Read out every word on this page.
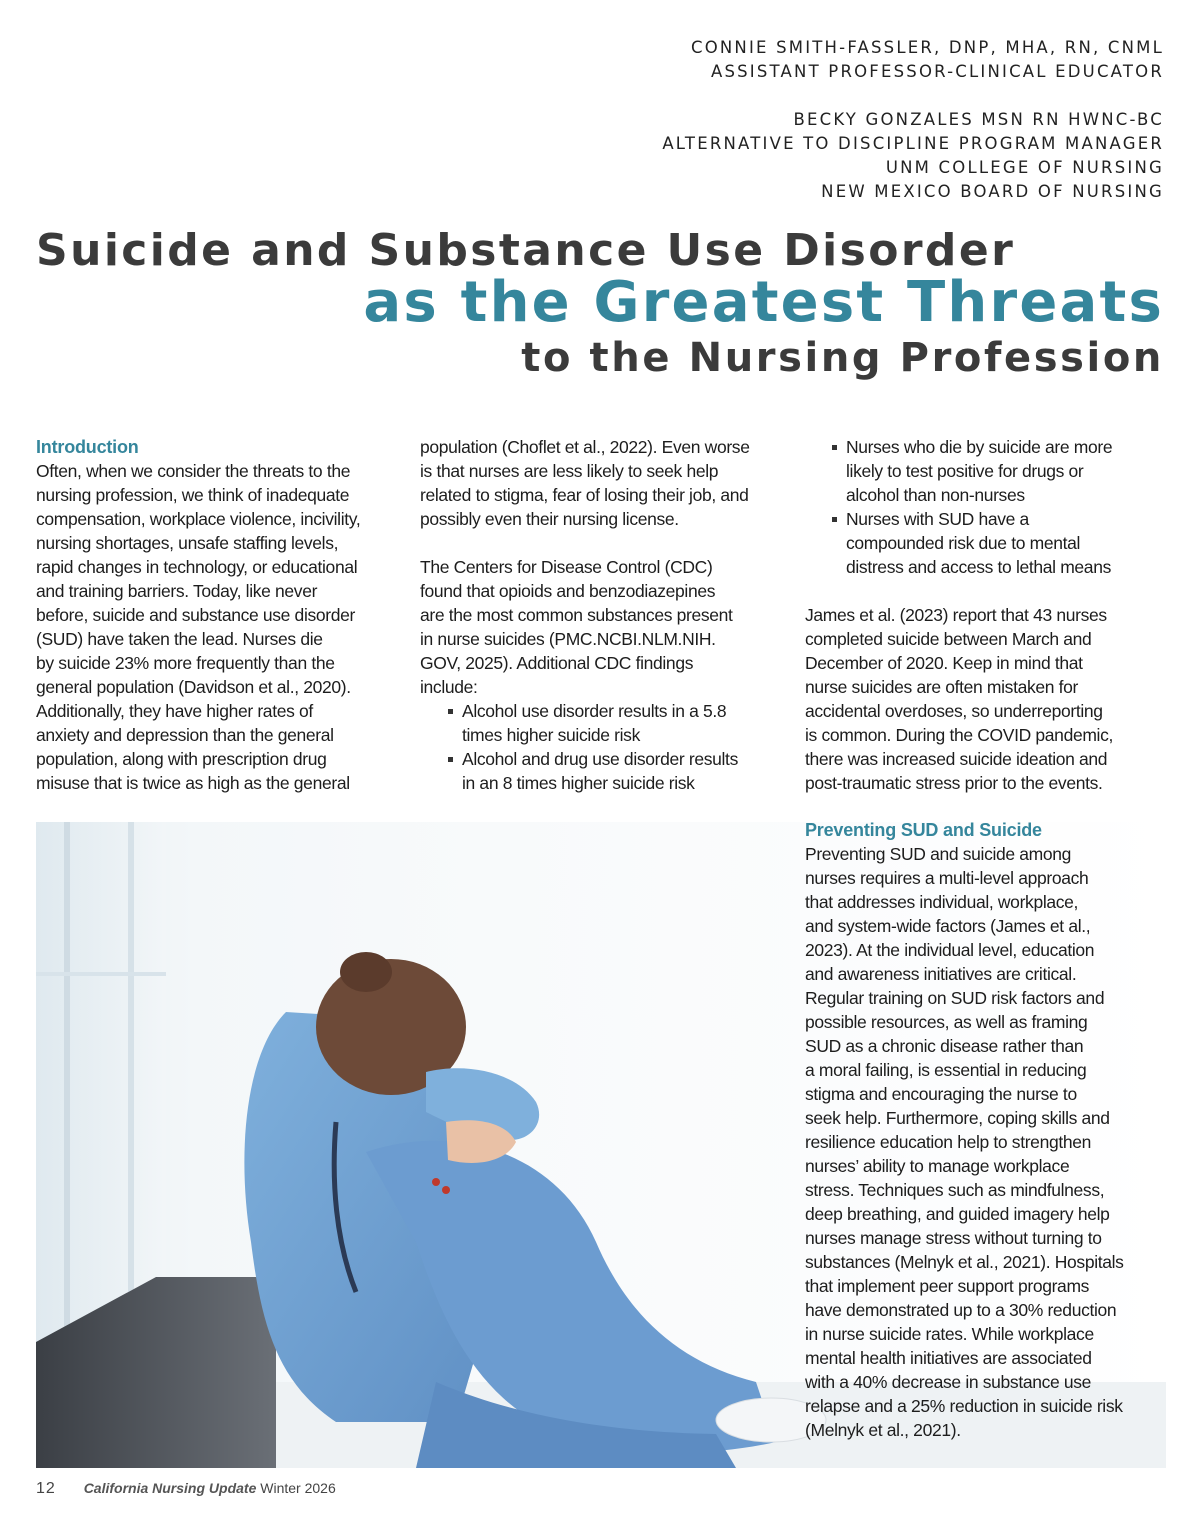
CONNIE SMITH-FASSLER, DNP, MHA, RN, CNML
ASSISTANT PROFESSOR-CLINICAL EDUCATOR
BECKY GONZALES MSN RN HWNC-BC
ALTERNATIVE TO DISCIPLINE PROGRAM MANAGER
UNM COLLEGE OF NURSING
NEW MEXICO BOARD OF NURSING
Suicide and Substance Use Disorder
as the Greatest Threats
to the Nursing Profession

Introduction

Often, when we consider the threats to the

nursing profession, we think of inadequate

compensation, workplace violence, incivility,

nursing shortages, unsafe staffing levels,

rapid changes in technology, or educational

and training barriers. Today, like never

before, suicide and substance use disorder

(SUD) have taken the lead. Nurses die

by suicide 23% more frequently than the

general population (Davidson et al., 2020).

Additionally, they have higher rates of

anxiety and depression than the general

population, along with prescription drug

misuse that is twice as high as the general

population (Choflet et al., 2022). Even worse

is that nurses are less likely to seek help

related to stigma, fear of losing their job, and

possibly even their nursing license.

The Centers for Disease Control (CDC)

found that opioids and benzodiazepines

are the most common substances present

in nurse suicides (PMC.NCBI.NLM.NIH.

GOV, 2025). Additional CDC findings

include:

Alcohol use disorder results in a 5.8
times higher suicide risk
Alcohol and drug use disorder results
in an 8 times higher suicide risk
Nurses who die by suicide are more
likely to test positive for drugs or
alcohol than non-nurses
Nurses with SUD have a
compounded risk due to mental
distress and access to lethal means

James et al. (2023) report that 43 nurses

completed suicide between March and

December of 2020. Keep in mind that

nurse suicides are often mistaken for

accidental overdoses, so underreporting

is common. During the COVID pandemic,

there was increased suicide ideation and

post-traumatic stress prior to the events.

Preventing SUD and Suicide

Preventing SUD and suicide among

nurses requires a multi-level approach

that addresses individual, workplace,

and system-wide factors (James et al.,

2023). At the individual level, education

and awareness initiatives are critical.

Regular training on SUD risk factors and

possible resources, as well as framing

SUD as a chronic disease rather than

a moral failing, is essential in reducing

stigma and encouraging the nurse to

seek help. Furthermore, coping skills and

resilience education help to strengthen

nurses’ ability to manage workplace

stress. Techniques such as mindfulness,

deep breathing, and guided imagery help

nurses manage stress without turning to

substances (Melnyk et al., 2021). Hospitals

that implement peer support programs

have demonstrated up to a 30% reduction

in nurse suicide rates. While workplace

mental health initiatives are associated

with a 40% decrease in substance use

relapse and a 25% reduction in suicide risk

(Melnyk et al., 2021).

12 California Nursing Update Winter 2026
